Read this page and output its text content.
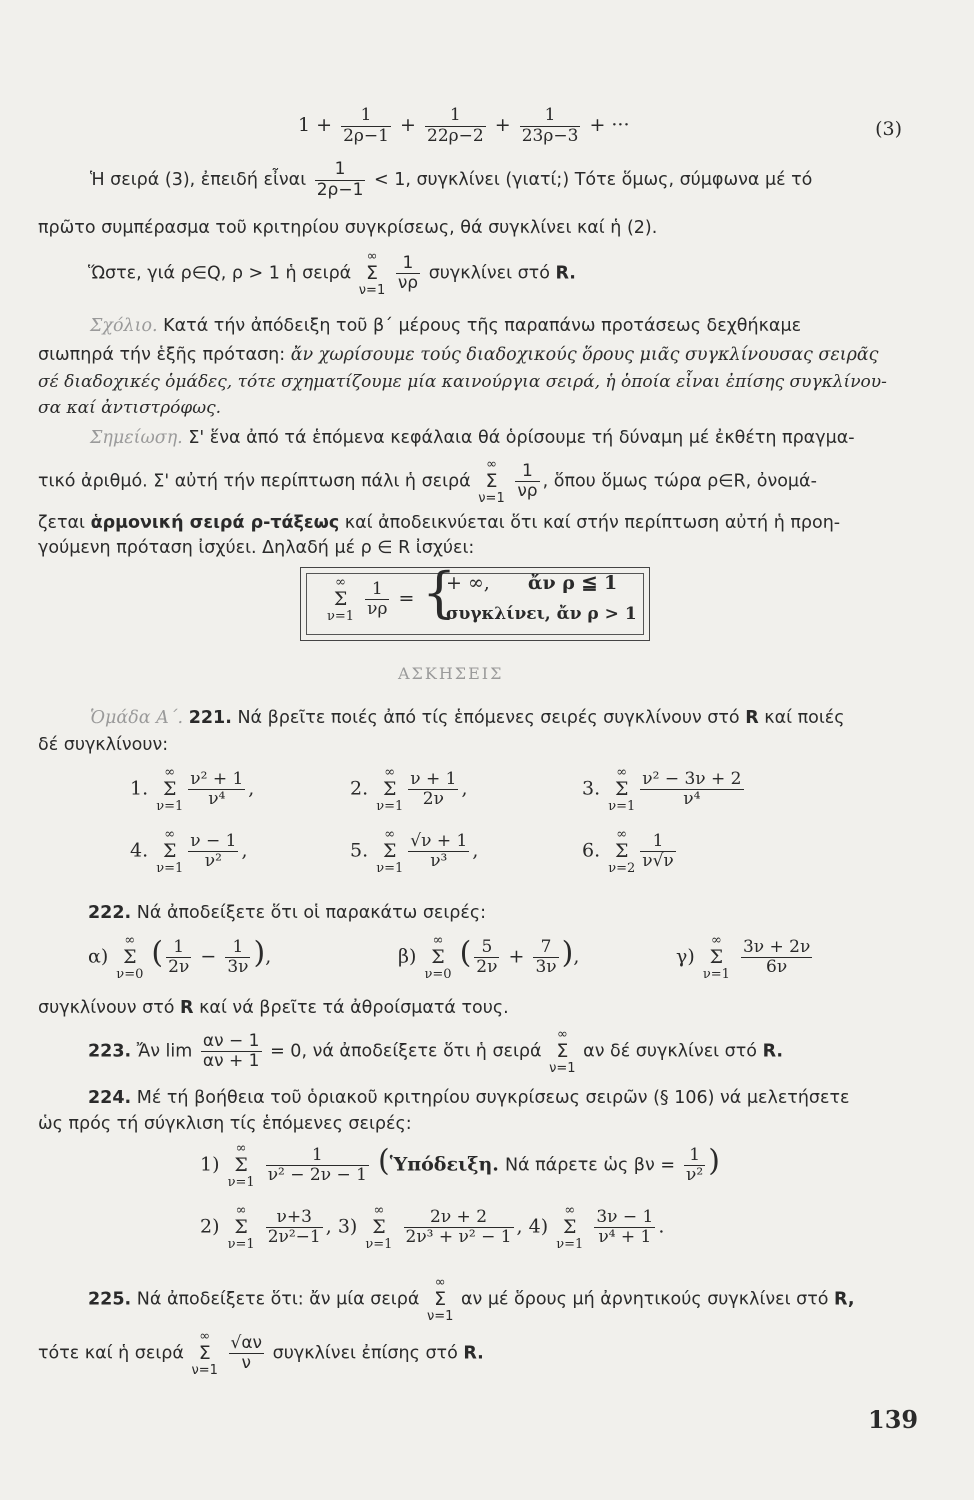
$1 + \frac{1}{2\rho-1} + \frac{1}{22\rho-2} + \frac{1}{23\rho-3}$ + ···	(3)
Ἡ σειρά (3), ἐπειδή εἶναι $\frac{1}{2\rho-1} < 1$, συγκλίνει (γιατί;) Τότε ὅμως, σύμφωνα μέ τό
πρῶτο συμπέρασμα τοῦ κριτηρίου συγκρίσεως, θά συγκλίνει καί ἡ (2).
Ὥστε, γιά ρ∈Q, ρ > 1 ἡ σειρά
∞
Σ
ν=1
$\frac{1}{\nu\rho}$ συγκλίνει στό R.
Σχόλιο. Κατά τήν ἀπόδειξη τοῦ β΄ μέρους τῆς παραπάνω προτάσεως δεχθήκαμε
σιωπηρά τήν ἑξῆς πρόταση: ἄν χωρίσουμε τούς διαδοχικούς ὅρους μιᾶς συγκλίνουσας σειρᾶς
σέ διαδοχικές ὁμάδες, τότε σχηματίζουμε μία καινούργια σειρά, ἡ ὁποία εἶναι ἐπίσης συγκλίνου-
σα καί ἀντιστρόφως.
Σημείωση. Σ' ἕνα ἀπό τά ἑπόμενα κεφάλαια θά ὁρίσουμε τή δύναμη μέ ἐκθέτη πραγμα-
τικό ἀριθμό. Σ' αὐτή τήν περίπτωση πάλι ἡ σειρά
∞
Σ
ν=1
$\frac{1}{\nu\rho}$ , ὅπου ὅμως τώρα ρ∈R, ὀνομά-
ζεται ἁρμονική σειρά ρ-τάξεως καί ἀποδεικνύεται ὅτι καί στήν περίπτωση αὐτή ἡ προη-
γούμενη πρόταση ἰσχύει. Δηλαδή μέ ρ ∈ R ἰσχύει:
∞
Σ
ν=1
$\frac{1}{\nu\rho}$ = {
+ ∞, ἄν ρ ≦ 1
συγκλίνει, ἄν ρ > 1
ΑΣΚΗΣΕΙΣ
Ὁμάδα Α΄. 221. Νά βρεῖτε ποιές ἀπό τίς ἑπόμενες σειρές συγκλίνουν στό R καί ποιές
δέ συγκλίνουν:
1.
∞
Σ
$\nu=1 \frac{\text{ν² + 1}}{\text{ν⁴}}$ ,	2.
∞
Σ
$\nu=1 \frac{\nu + 1}{2\nu}$ ,	3.
∞
Σ
$\nu=1 \frac{\text{ν² − 3ν + 2}}{\text{ν⁴}}$
4.
∞
Σ
$\nu=1 \frac{\nu - 1}{\text{ν²}}$ ,	5.
∞
Σ
$\nu=1 \frac{√\nu + 1}{\text{ν³}}$ ,	6.
∞
Σ
$\nu=2 \frac{1}{\nu√\nu}$
222. Νά ἀποδείξετε ὅτι οἱ παρακάτω σειρές:
α)
∞
Σ
ν=0
( $\frac{1}{2\nu} - \frac{1}{3\nu}$ ),	β)
∞
Σ
ν=0
( $\frac{5}{2\nu} + \frac{7}{3\nu}$ ),	γ)
∞
Σ
ν=1
$\frac{3\nu + 2\nu}{6\nu}$
συγκλίνουν στό R καί νά βρεῖτε τά ἀθροίσματά τους.
223. Ἄν $\lim \frac{\alpha\nu - 1}{\alpha\nu + 1} = 0$, νά ἀποδείξετε ὅτι ἡ σειρά
∞
Σ
ν=1
αν δέ συγκλίνει στό R.
224. Μέ τή βοήθεια τοῦ ὁριακοῦ κριτηρίου συγκρίσεως σειρῶν (§ 106) νά μελετήσετε
ὡς πρός τή σύγκλιση τίς ἑπόμενες σειρές:
1)
∞
Σ
ν=1
$\frac{1}{\text{ν² − 2ν − 1}}$ (Ὑπόδειξη. Νά πάρετε ὡς $\beta\nu = \frac{1}{\text{ν²}}$ )
2)
∞
Σ
ν=1
$\frac{\nu+3}{\text{2ν²−1}}$ , 3)
∞
Σ
ν=1
$\frac{2\nu + 2}{\text{2ν³ + ν² − 1}}$ , 4)
∞
Σ
ν=1
$\frac{3\nu - 1}{\text{ν⁴ + 1}}$ .
225. Νά ἀποδείξετε ὅτι: ἄν μία σειρά
∞
Σ
ν=1
αν μέ ὅρους μή ἀρνητικούς συγκλίνει στό R,
τότε καί ἡ σειρά
∞
Σ
ν=1
$\frac{√\alpha\nu}{\nu}$ συγκλίνει ἐπίσης στό R.
139
